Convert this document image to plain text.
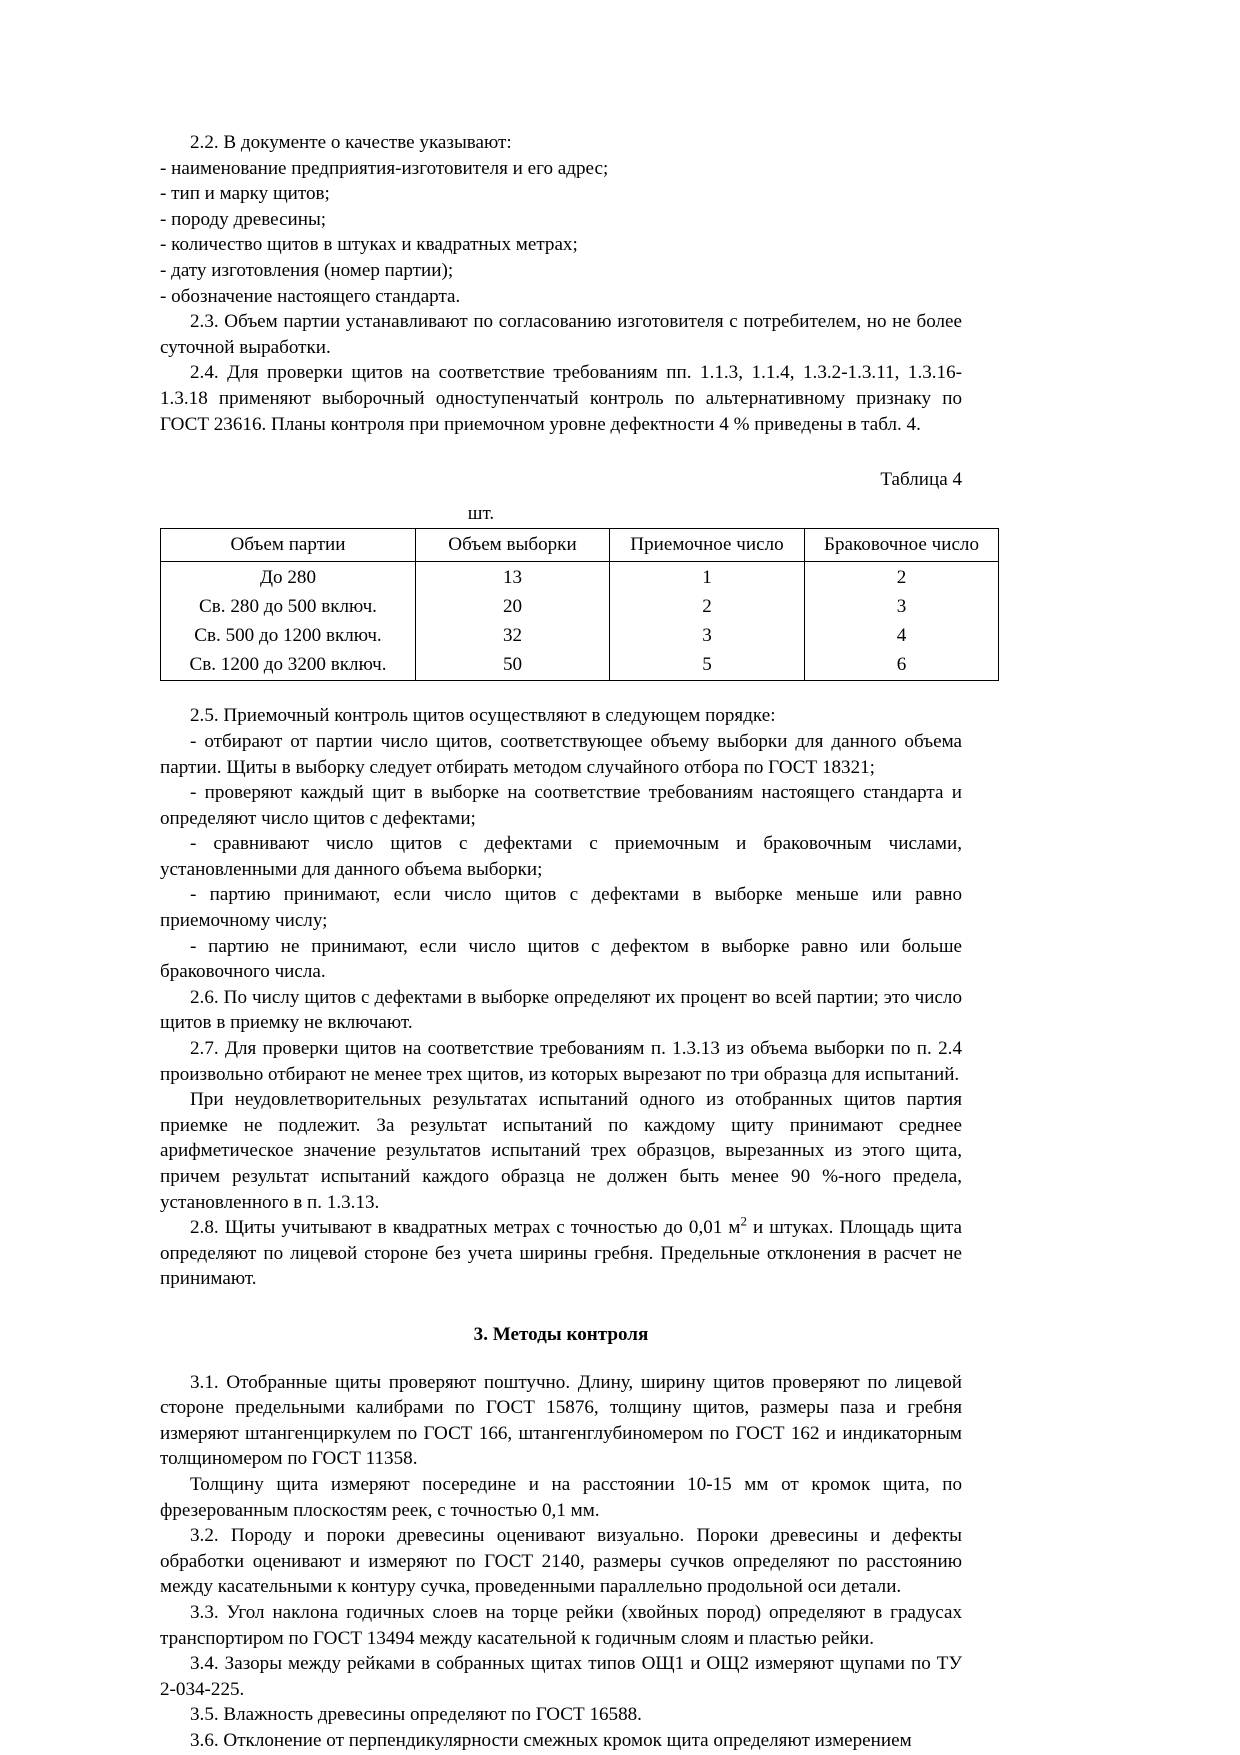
2.2. В документе о качестве указывают:

- наименование предприятия-изготовителя и его адрес;

- тип и марку щитов;

- породу древесины;

- количество щитов в штуках и квадратных метрах;

- дату изготовления (номер партии);

- обозначение настоящего стандарта.

2.3. Объем партии устанавливают по согласованию изготовителя с потребителем, но не более суточной выработки.

2.4. Для проверки щитов на соответствие требованиям пп. 1.1.3, 1.1.4, 1.3.2-1.3.11, 1.3.16-1.3.18 применяют выборочный одноступенчатый контроль по альтернативному признаку по ГОСТ 23616. Планы контроля при приемочном уровне дефектности 4 % приведены в табл. 4.

Таблица 4
шт.
Объем партии	Объем выборки	Приемочное число	Браковочное число
До 280	13	1	2
Св. 280 до 500 включ.	20	2	3
Св. 500 до 1200 включ.	32	3	4
Св. 1200 до 3200 включ.	50	5	6

2.5. Приемочный контроль щитов осуществляют в следующем порядке:

- отбирают от партии число щитов, соответствующее объему выборки для данного объема партии. Щиты в выборку следует отбирать методом случайного отбора по ГОСТ 18321;

- проверяют каждый щит в выборке на соответствие требованиям настоящего стандарта и определяют число щитов с дефектами;

- сравнивают число щитов с дефектами с приемочным и браковочным числами, установленными для данного объема выборки;

- партию принимают, если число щитов с дефектами в выборке меньше или равно приемочному числу;

- партию не принимают, если число щитов с дефектом в выборке равно или больше браковочного числа.

2.6. По числу щитов с дефектами в выборке определяют их процент во всей партии; это число щитов в приемку не включают.

2.7. Для проверки щитов на соответствие требованиям п. 1.3.13 из объема выборки по п. 2.4 произвольно отбирают не менее трех щитов, из которых вырезают по три образца для испытаний.

При неудовлетворительных результатах испытаний одного из отобранных щитов партия приемке не подлежит. За результат испытаний по каждому щиту принимают среднее арифметическое значение результатов испытаний трех образцов, вырезанных из этого щита, причем результат испытаний каждого образца не должен быть менее 90 %-ного предела, установленного в п. 1.3.13.

2.8. Щиты учитывают в квадратных метрах с точностью до 0,01 $м^2$ и штуках. Площадь щита определяют по лицевой стороне без учета ширины гребня. Предельные отклонения в расчет не принимают.

3. Методы контроля

3.1. Отобранные щиты проверяют поштучно. Длину, ширину щитов проверяют по лицевой стороне предельными калибрами по ГОСТ 15876, толщину щитов, размеры паза и гребня измеряют штангенциркулем по ГОСТ 166, штангенглубиномером по ГОСТ 162 и индикаторным толщиномером по ГОСТ 11358.

Толщину щита измеряют посередине и на расстоянии 10-15 мм от кромок щита, по фрезерованным плоскостям реек, с точностью 0,1 мм.

3.2. Породу и пороки древесины оценивают визуально. Пороки древесины и дефекты обработки оценивают и измеряют по ГОСТ 2140, размеры сучков определяют по расстоянию между касательными к контуру сучка, проведенными параллельно продольной оси детали.

3.3. Угол наклона годичных слоев на торце рейки (хвойных пород) определяют в градусах транспортиром по ГОСТ 13494 между касательной к годичным слоям и пластью рейки.

3.4. Зазоры между рейками в собранных щитах типов ОЩ1 и ОЩ2 измеряют щупами по ТУ 2-034-225.

3.5. Влажность древесины определяют по ГОСТ 16588.

3.6. Отклонение от перпендикулярности смежных кромок щита определяют измерением
